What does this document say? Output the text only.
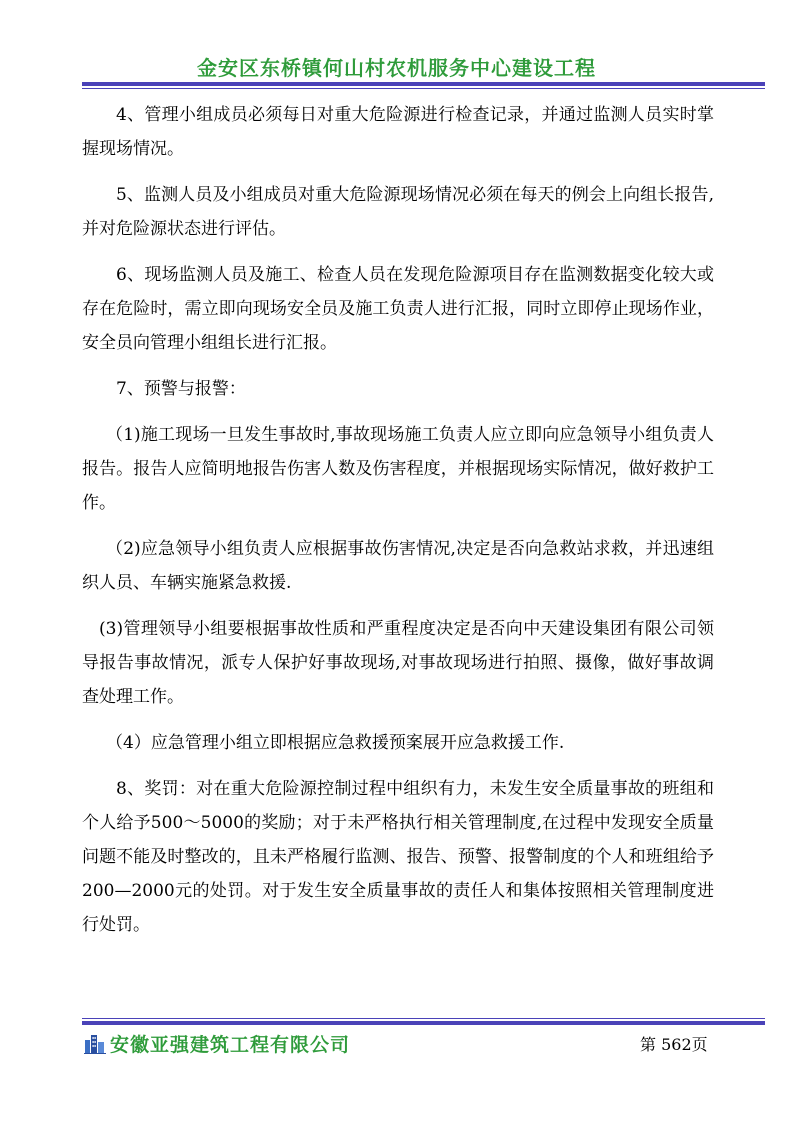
金安区东桥镇何山村农机服务中心建设工程

4、管理小组成员必须每日对重大危险源进行检查记录，并通过监测人员实时掌握现场情况。

5、监测人员及小组成员对重大危险源现场情况必须在每天的例会上向组长报告,并对危险源状态进行评估。

6、现场监测人员及施工、检查人员在发现危险源项目存在监测数据变化较大或存在危险时，需立即向现场安全员及施工负责人进行汇报，同时立即停止现场作业，安全员向管理小组组长进行汇报。

7、预警与报警：

（1)施工现场一旦发生事故时,事故现场施工负责人应立即向应急领导小组负责人报告。报告人应简明地报告伤害人数及伤害程度，并根据现场实际情况，做好救护工作。

（2)应急领导小组负责人应根据事故伤害情况,决定是否向急救站求救，并迅速组织人员、车辆实施紧急救援.

(3)管理领导小组要根据事故性质和严重程度决定是否向中天建设集团有限公司领导报告事故情况，派专人保护好事故现场,对事故现场进行拍照、摄像，做好事故调查处理工作。

（4）应急管理小组立即根据应急救援预案展开应急救援工作.

8、奖罚：对在重大危险源控制过程中组织有力，未发生安全质量事故的班组和个人给予500～5000的奖励；对于未严格执行相关管理制度,在过程中发现安全质量问题不能及时整改的，且未严格履行监测、报告、预警、报警制度的个人和班组给予200—2000元的处罚。对于发生安全质量事故的责任人和集体按照相关管理制度进行处罚。

安徽亚强建筑工程有限公司	第 562页
